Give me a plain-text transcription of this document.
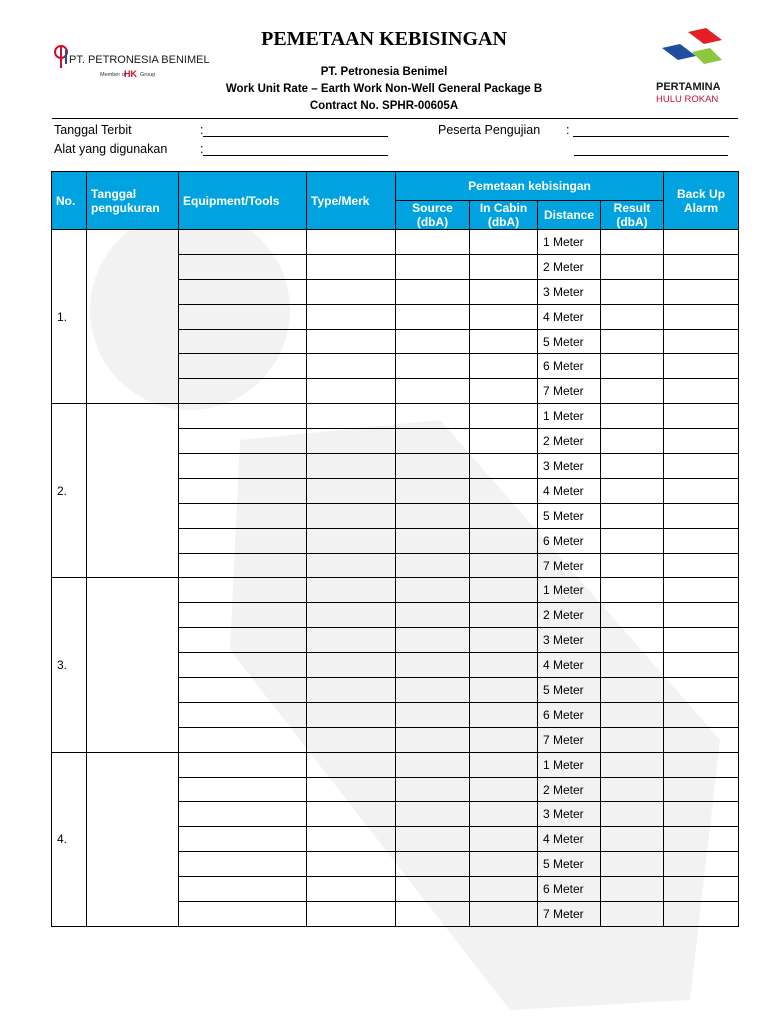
PT. PETRONESIA BENIMEL
Member of
HK Group
PERTAMINA
HULU ROKAN
PEMETAAN KEBISINGAN
PT. Petronesia Benimel
Work Unit Rate – Earth Work Non-Well General Package B
Contract No. SPHR-00605A
Tanggal Terbit	:
Alat yang digunakan	:
Peserta Pengujian :
No.	Tanggal pengukuran	Equipment/Tools	Type/Merk	Pemetaan kebisingan				Back Up Alarm
				Source (dbA)	In Cabin (dbA)	Distance	Result (dbA)	
1.						1 Meter		
						2 Meter		
						3 Meter		
						4 Meter		
						5 Meter		
						6 Meter		
						7 Meter		
2.						1 Meter		
						2 Meter		
						3 Meter		
						4 Meter		
						5 Meter		
						6 Meter		
						7 Meter		
3.						1 Meter		
						2 Meter		
						3 Meter		
						4 Meter		
						5 Meter		
						6 Meter		
						7 Meter		
4.						1 Meter		
						2 Meter		
						3 Meter		
						4 Meter		
						5 Meter		
						6 Meter		
						7 Meter		
